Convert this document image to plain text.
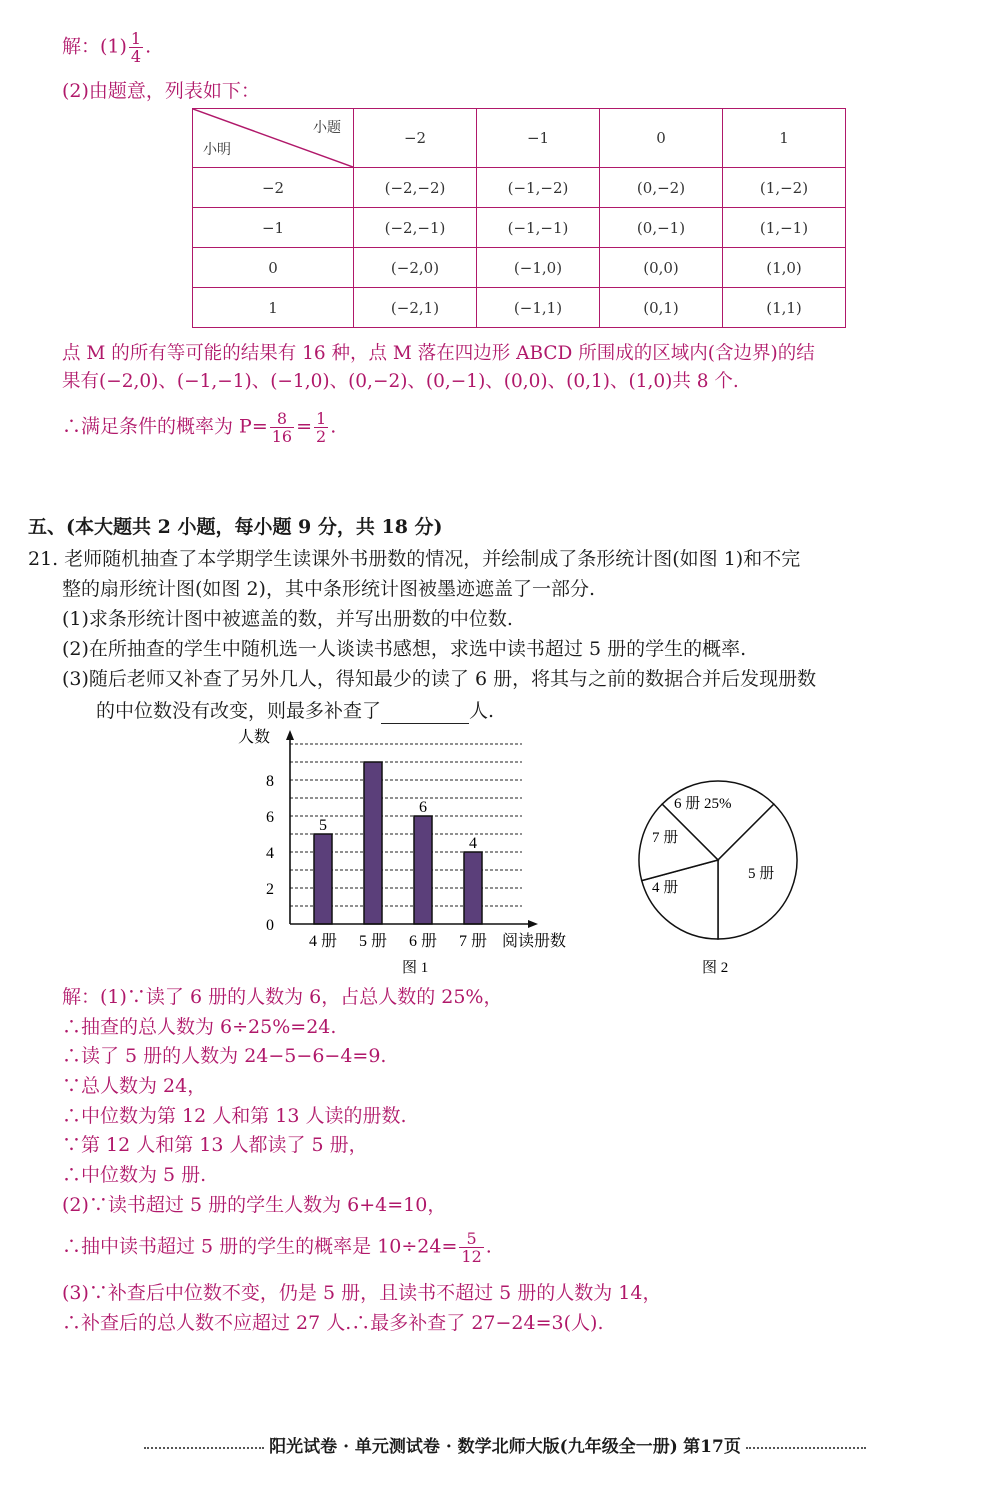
解：$(1) \frac{1}{4}$ .
(2)由题意，列表如下：
小题
小明	−2	−1	0	1
−2	(−2,−2)	(−1,−2)	(0,−2)	(1,−2)
−1	(−2,−1)	(−1,−1)	(0,−1)	(1,−1)
0	(−2,0)	(−1,0)	(0,0)	(1,0)
1	(−2,1)	(−1,1)	(0,1)	(1,1)
点 M 的所有等可能的结果有 16 种，点 M 落在四边形 ABCD 所围成的区域内(含边界)的结
果有(−2,0)、(−1,−1)、(−1,0)、(0,−2)、(0,−1)、(0,0)、(0,1)、(1,0)共 8 个.
∴满足条件的概率为 $P= \frac{8}{16} = \frac{1}{2}$ .
五、(本大题共 2 小题，每小题 9 分，共 18 分)
21. 老师随机抽查了本学期学生读课外书册数的情况，并绘制成了条形统计图(如图 1)和不完
整的扇形统计图(如图 2)，其中条形统计图被墨迹遮盖了一部分.
(1)求条形统计图中被遮盖的数，并写出册数的中位数.
(2)在所抽查的学生中随机选一人谈读书感想，求选中读书超过 5 册的学生的概率.
(3)随后老师又补查了另外几人，得知最少的读了 6 册，将其与之前的数据合并后发现册数
的中位数没有改变，则最多补查了	人.
人数
阅读册数
图 1
4 册
5
5 册 6 册
6
7 册
4
0
2
4
6
8
6 册 25%
5 册
4 册
7 册
图 2
解：(1)∵读了 6 册的人数为 6，占总人数的 25%，
∴抽查的总人数为 6÷25%=24.
∴读了 5 册的人数为 24−5−6−4=9.
∵总人数为 24，
∴中位数为第 12 人和第 13 人读的册数.
∵第 12 人和第 13 人都读了 5 册，
∴中位数为 5 册.
(2)∵读书超过 5 册的学生人数为 6+4=10，
∴抽中读书超过 5 册的学生的概率是 $10\div 24= \frac{5}{12}$ .
(3)∵补查后中位数不变，仍是 5 册，且读书不超过 5 册的人数为 14，
∴补查后的总人数不应超过 27 人.∴最多补查了 27−24=3(人).
阳光试卷 · 单元测试卷 · 数学北师大版(九年级全一册) 第17页
